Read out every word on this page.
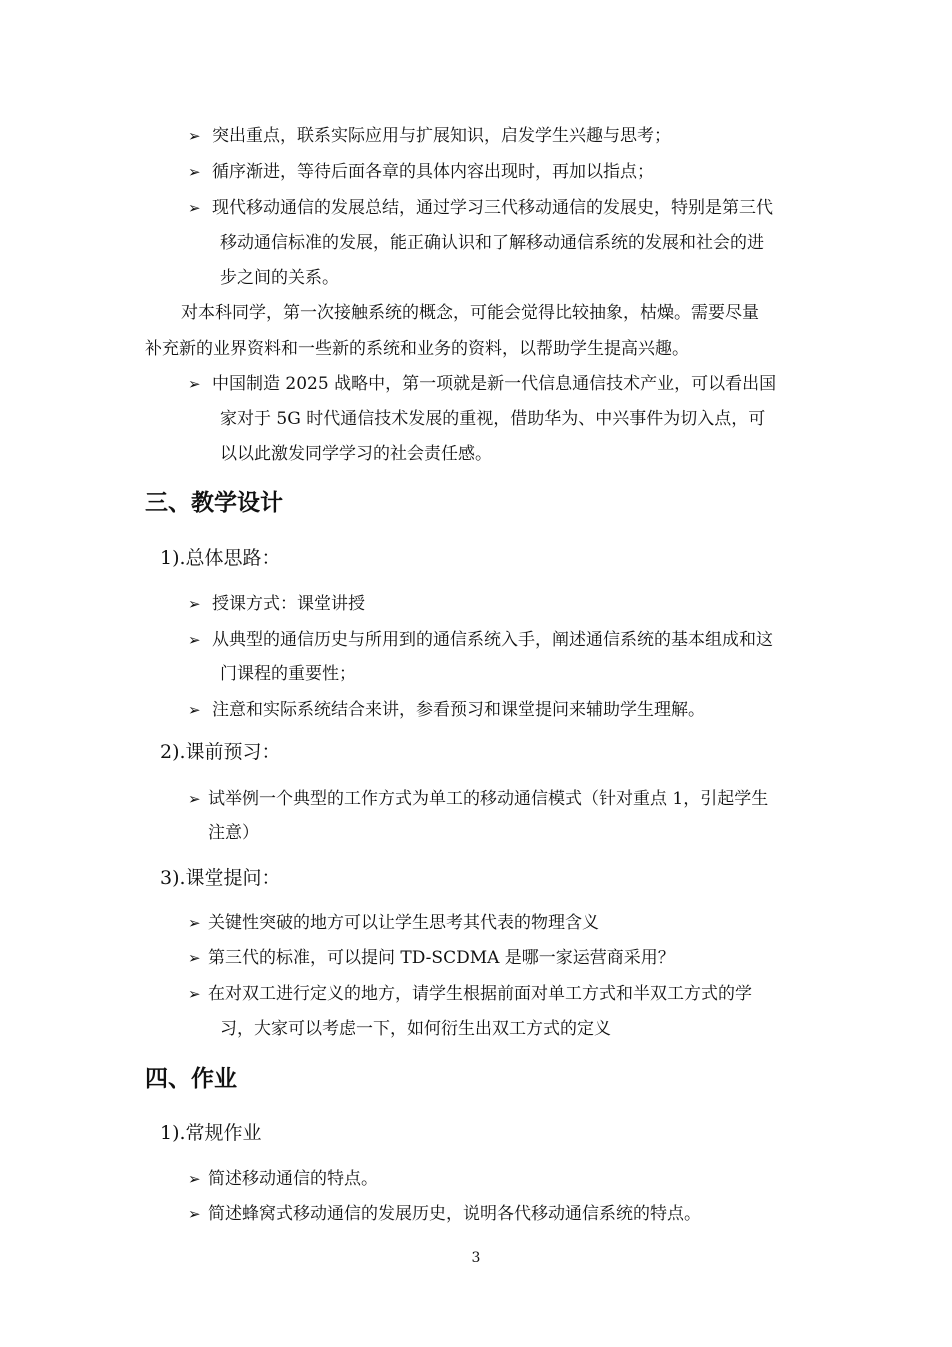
➢ 突出重点，联系实际应用与扩展知识，启发学生兴趣与思考；
➢ 循序渐进，等待后面各章的具体内容出现时，再加以指点；
➢ 现代移动通信的发展总结，通过学习三代移动通信的发展史，特别是第三代
移动通信标准的发展，能正确认识和了解移动通信系统的发展和社会的进
步之间的关系。
对本科同学，第一次接触系统的概念，可能会觉得比较抽象，枯燥。需要尽量
补充新的业界资料和一些新的系统和业务的资料，以帮助学生提高兴趣。
➢ 中国制造 2025 战略中，第一项就是新一代信息通信技术产业，可以看出国
家对于 5G 时代通信技术发展的重视，借助华为、中兴事件为切入点，可
以以此激发同学学习的社会责任感。
三、教学设计
1).总体思路：
➢ 授课方式：课堂讲授
➢ 从典型的通信历史与所用到的通信系统入手，阐述通信系统的基本组成和这
门课程的重要性；
➢ 注意和实际系统结合来讲，参看预习和课堂提问来辅助学生理解。
2).课前预习：
➢ 试举例一个典型的工作方式为单工的移动通信模式（针对重点 1，引起学生
注意）
3).课堂提问：
➢ 关键性突破的地方可以让学生思考其代表的物理含义
➢ 第三代的标准，可以提问 TD-SCDMA 是哪一家运营商采用？
➢ 在对双工进行定义的地方，请学生根据前面对单工方式和半双工方式的学
习，大家可以考虑一下，如何衍生出双工方式的定义
四、作业
1).常规作业
➢ 简述移动通信的特点。
➢ 简述蜂窝式移动通信的发展历史，说明各代移动通信系统的特点。
3
